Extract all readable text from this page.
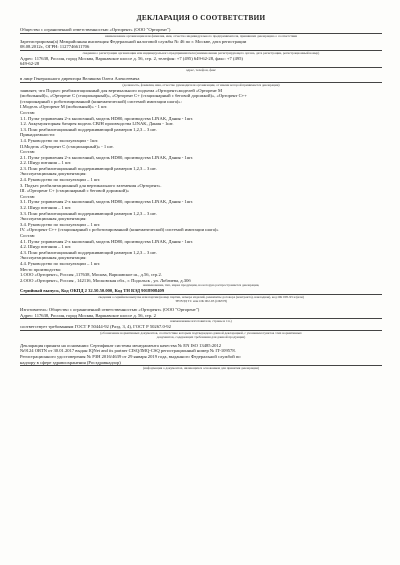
ДЕКЛАРАЦИЯ О СООТВЕТСТВИИ
Общество с ограниченной ответственностью «Орторент» (ООО "Орторент")
наименование организации или фамилия, имя, отчество индивидуального предпринимателя, принявших декларацию о соответствии
Зарегистрирован(а) Межрайонная инспекция Федеральной налоговой службы № 46 по г. Москве, дата регистрации
08.08.2012г., ОГРН: 1127746611706
сведения о регистрации организации или индивидуального предпринимателя (наименование регистрирующего органа, дата регистрации, регистрационный номер)
Адрес: 117638, Россия, город Москва, Варшавское шоссе д. 56, стр. 2, телефон: +7 (495) 649-62-28, факс: +7 (495)
649-62-28
адрес, телефон, факс
в лице Генерального директора Великова Олега Алексеевича
(должность, фамилия, имя, отчество руководителя организации, от имени которой принимается декларация)
заявляет, что Подъес реабилитационный для вертикального подъема «Орторент»моделей «Орторент М
(мобильный)», «Орторент С (стационарный)», «Орторент С+ (стационарный с беговой дорожкой)», «Орторент С++
(стационарный с роботизированной (кинематической) системой имитации шага)»:
I.Модель «Орторент М (мобильный)» - 1 шт.
Состав:
1.1. Пульт управления 2-х кнопочный, модель HD80, производства LINAK, Дания - 1шт.
1.2. Аккумуляторная батарея модель CBJH производства LINAK, Дания - 1шт.
1.3. Пояс реабилитационный поддерживающий размеров 1,2,3 – 3 шт.
Принадлежности:
1.4. Руководство по эксплуатации - 1шт.
II.Модель «Орторент С (стационарный)» - 1 шт.
Состав:
2.1. Пульт управления 2-х кнопочный, модель HD80, производства LINAK, Дания - 1шт.
2.2. Шнур питания – 1 шт.
2.3. Пояс реабилитационный поддерживающий размеров 1,2,3 – 3 шт.
Эксплуатационная документация:
2.4. Руководство по эксплуатации – 1 шт.
3. Подъес реабилитационный для вертикального заземения «Орторент».
III. «Орторент С+ (стационарный с беговой дорожкой)»
Состав:
3.1. Пульт управления 2-х кнопочный, модель HD80, производства LINAK, Дания - 1шт.
3.2. Шнур питания – 1 шт.
3.3. Пояс реабилитационный поддерживающий размеров 1,2,3 – 3 шт.
Эксплуатационная документация:
3.4. Руководство по эксплуатации – 1 шт.
IV. «Орторент С++ (стационарный с роботизированной (кинематической) системой имитации шага)»
Состав:
4.1. Пульт управления 2-х кнопочный, модель HD80, производства LINAK, Дания - 1шт.
4.2. Шнур питания – 1 шт.
4.3. Пояс реабилитационный поддерживающий размеров 1,2,3 – 3 шт.
Эксплуатационная документация:
4.4. Руководство по эксплуатации – 1 шт.
Место производства:
1.ООО «Орторент», Россия ,117638, Москва, Варшавское ш., д.56, стр.2.
2.ООО «Орторент», Россия , 142116, Московская обл., г. Подольск , ул. Лобачева, д.30б
наименование, тип, марка продукции, на которую распространяется декларация,
Серийный выпуск, Код ОКПД 2 32.50.50.000, Код ТН ВЭД 9018908409
сведения о серийном выпуске или партии (номер партии, номера изделий, реквизиты договора (контракта), накладная), код ОК 005-93 и (или)
ТН ВЭД ТС или ОК 002-93 (ОКУН)
Изготовитель: Общество с ограниченной ответственностью «Орторент» (ООО "Орторент")
Адрес: 117638, Россия, город Москва, Варшавское шоссе д. 56, стр. 2
наименование изготовителя, страны и т.п.)
соответствует требованиям ГОСТ Р 50444-92 (Разд. 3, 4), ГОСТ Р 50267.0-92
(обозначение нормативных документов, соответствие которым подтверждено данной декларацией, с указанием пунктов этих нормативных
документов, содержащих требования для данной продукции)
Декларация принята на основании: Сертификат системы менеджмента качества № EN ISO 13485:2012
№9124 ORTN от 30.01.2017 выдан IQNet and its partner CISQ/IMQ-CSQ регистрационный номер № IT-109578.
Регистрационного удостоверения № РЗН 2016/4639 от 29 января 2019 года, выданного Федеральной службой по
надзору в сфере здравоохранения (Росздравнадзор)
(информация о документах, являющихся основанием для принятия декларации)
